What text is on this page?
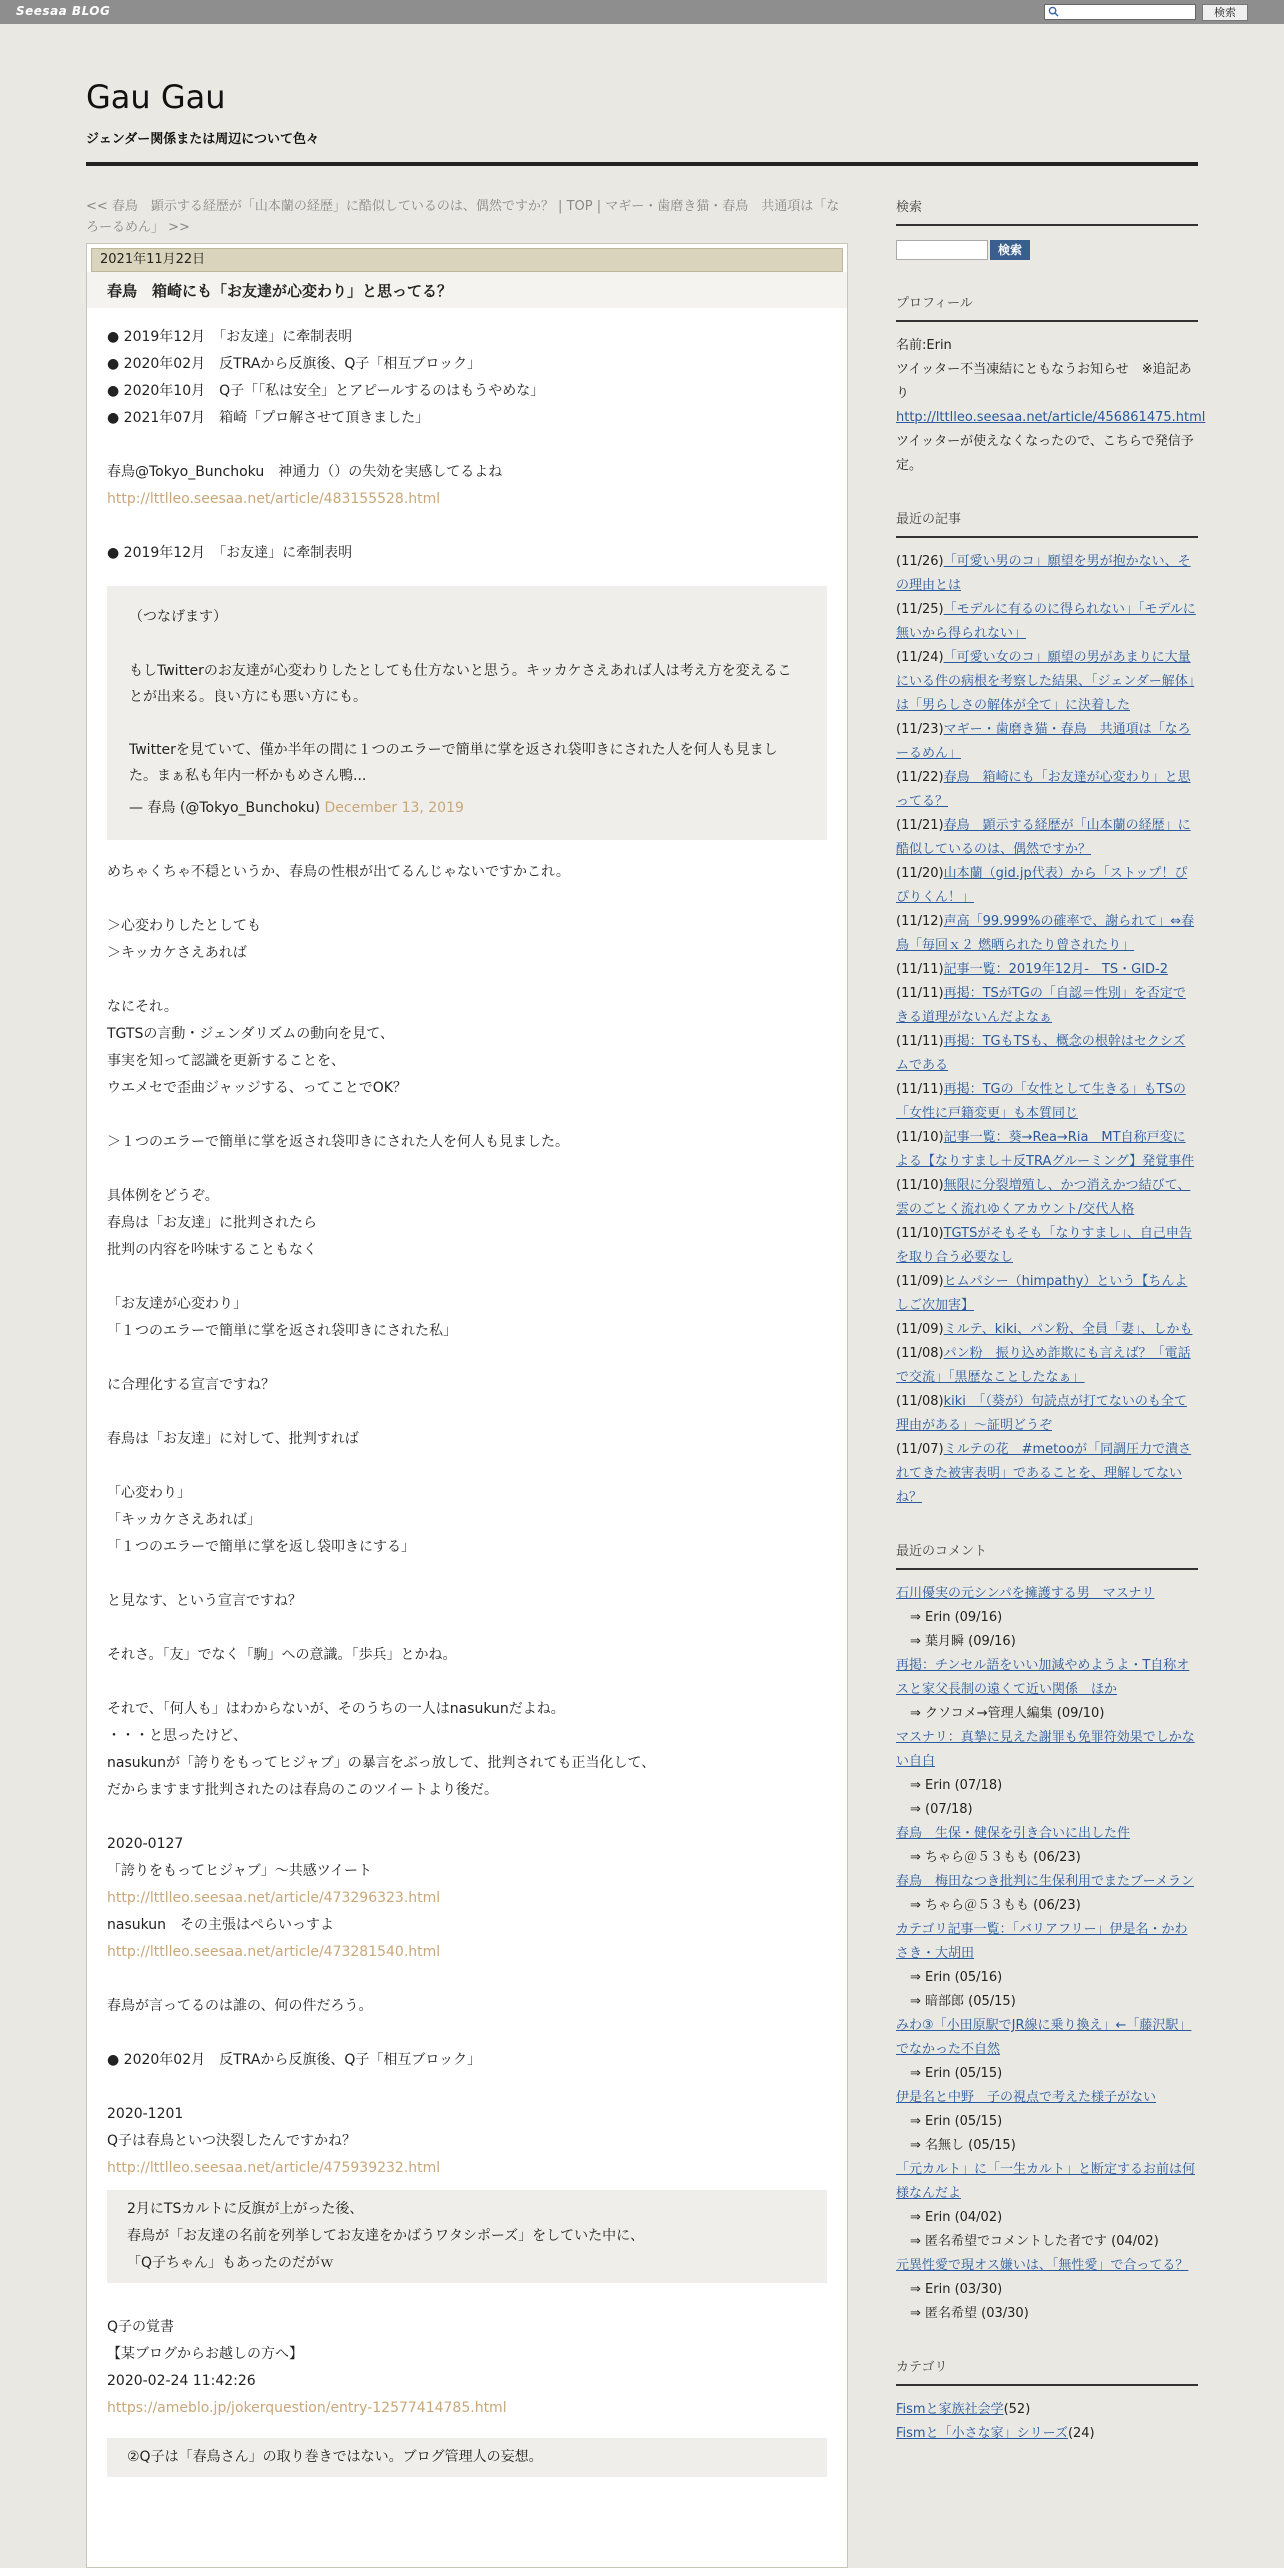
Seesaa BLOG	検索
Gau Gau
ジェンダー関係または周辺について色々
<< 春鳥　顕示する経歴が「山本蘭の経歴」に酷似しているのは、偶然ですか？ | TOP | マギー・歯磨き猫・春鳥　共通項は「なろーるめん」 >>
2021年11月22日
春鳥　箱崎にも「お友達が心変わり」と思ってる？

● 2019年12月　「お友達」に牽制表明

● 2020年02月　反TRAから反旗後、Q子「相互ブロック」

● 2020年10月　Q子「「私は安全」とアピールするのはもうやめな」

● 2021年07月　箱崎「プロ解させて頂きました」

春鳥@Tokyo_Bunchoku　神通力（）の失効を実感してるよね

http://lttlleo.seesaa.net/article/483155528.html

● 2019年12月　「お友達」に牽制表明

（つなげます）

もしTwitterのお友達が心変わりしたとしても仕方ないと思う。キッカケさえあれば人は考え方を変えることが出来る。良い方にも悪い方にも。

Twitterを見ていて、僅か半年の間に１つのエラーで簡単に掌を返され袋叩きにされた人を何人も見ました。まぁ私も年内一杯かもめさん鴨...

— 春鳥 (@Tokyo_Bunchoku) December 13, 2019

めちゃくちゃ不穏というか、春鳥の性根が出てるんじゃないですかこれ。

＞心変わりしたとしても

＞キッカケさえあれば

なにそれ。

TGTSの言動・ジェンダリズムの動向を見て、

事実を知って認識を更新することを、

ウエメセで歪曲ジャッジする、ってことでOK？

＞１つのエラーで簡単に掌を返され袋叩きにされた人を何人も見ました。

具体例をどうぞ。

春鳥は「お友達」に批判されたら

批判の内容を吟味することもなく

「お友達が心変わり」

「１つのエラーで簡単に掌を返され袋叩きにされた私」

に合理化する宣言ですね？

春鳥は「お友達」に対して、批判すれば

「心変わり」

「キッカケさえあれば」

「１つのエラーで簡単に掌を返し袋叩きにする」

と見なす、という宣言ですね？

それさ。「友」でなく「駒」への意識。「歩兵」とかね。

それで、「何人も」はわからないが、そのうちの一人はnasukunだよね。

・・・と思ったけど、

nasukunが「誇りをもってヒジャブ」の暴言をぶっ放して、批判されても正当化して、

だからますます批判されたのは春鳥のこのツイートより後だ。

2020-0127

「誇りをもってヒジャブ」～共感ツイート

http://lttlleo.seesaa.net/article/473296323.html

nasukun　その主張はぺらいっすよ

http://lttlleo.seesaa.net/article/473281540.html

春鳥が言ってるのは誰の、何の件だろう。

● 2020年02月　反TRAから反旗後、Q子「相互ブロック」

2020-1201

Q子は春鳥といつ決裂したんですかね？

http://lttlleo.seesaa.net/article/475939232.html

2月にTSカルトに反旗が上がった後、

春鳥が「お友達の名前を列挙してお友達をかばうワタシポーズ」をしていた中に、

「Q子ちゃん」もあったのだがｗ

Q子の覚書

【某ブログからお越しの方へ】

2020-02-24 11:42:26

https://ameblo.jp/jokerquestion/entry-12577414785.html

②Q子は「春鳥さん」の取り巻きではない。ブログ管理人の妄想。

検索
検索
プロフィール
名前:Erin
ツイッター不当凍結にともなうお知らせ　※追記あり
http://lttlleo.seesaa.net/article/456861475.html
ツイッターが使えなくなったので、こちらで発信予定。
最近の記事
(11/26)「可愛い男のコ」願望を男が抱かない、その理由とは
(11/25)「モデルに有るのに得られない」「モデルに無いから得られない」
(11/24)「可愛い女のコ」願望の男があまりに大量にいる件の病根を考察した結果、「ジェンダー解体」は「男らしさの解体が全て」に決着した
(11/23)マギー・歯磨き猫・春鳥　共通項は「なろーるめん」
(11/22)春鳥　箱崎にも「お友達が心変わり」と思ってる？
(11/21)春鳥　顕示する経歴が「山本蘭の経歴」に酷似しているのは、偶然ですか？
(11/20)山本蘭（gid.jp代表）から「ストップ！ぴぴりくん！」
(11/12)声高「99.999%の確率で、謝られて」⇔春鳥「毎回ｘ２ 燃晒られたり曾されたり」
(11/11)記事一覧：2019年12月-　TS・GID-2
(11/11)再掲：TSがTGの「自認＝性別」を否定できる道理がないんだよなぁ
(11/11)再掲：TGもTSも、概念の根幹はセクシズムである
(11/11)再掲：TGの「女性として生きる」もTSの「女性に戸籍変更」も本質同じ
(11/10)記事一覧：葵→Rea→Ria　MT自称戸変による【なりすまし＋反TRAグルーミング】発覚事件
(11/10)無限に分裂増殖し、かつ消えかつ結びて、雲のごとく流れゆくアカウント/交代人格
(11/10)TGTSがそもそも「なりすまし」、自己申告を取り合う必要なし
(11/09)ヒムパシー（himpathy）という【ちんよしご次加害】
(11/09)ミルテ、kiki、パン粉、全員「妻」、しかも
(11/08)パン粉　振り込め詐欺にも言えば？「電話で交流」「黒歴なことしたなぁ」
(11/08)kiki　「（葵が）句読点が打てないのも全て理由がある」～証明どうぞ
(11/07)ミルテの花　#metooが「同調圧力で潰されてきた被害表明」であることを、理解してないね？
最近のコメント
石川優実の元シンパを擁護する男　マスナリ
⇒ Erin (09/16)
⇒ 葉月瞬 (09/16)
再掲：チンセル語をいい加減やめようよ・T自称オスと家父長制の遠くて近い関係　ほか
⇒ クソコメ→管理人編集 (09/10)
マスナリ：真摯に見えた謝罪も免罪符効果でしかない自白
⇒ Erin (07/18)
⇒ (07/18)
春鳥　生保・健保を引き合いに出した件
⇒ ちゃら＠５３もも (06/23)
春鳥　梅田なつき批判に生保利用でまたブーメラン
⇒ ちゃら＠５３もも (06/23)
カテゴリ記事一覧：「バリアフリー」伊是名・かわさき・大胡田
⇒ Erin (05/16)
⇒ 暗部郎 (05/15)
みわ③「小田原駅でJR線に乗り換え」←「藤沢駅」でなかった不自然
⇒ Erin (05/15)
伊是名と中野　子の視点で考えた様子がない
⇒ Erin (05/15)
⇒ 名無し (05/15)
「元カルト」に「一生カルト」と断定するお前は何様なんだよ
⇒ Erin (04/02)
⇒ 匿名希望でコメントした者です (04/02)
元異性愛で現オス嫌いは、「無性愛」で合ってる？
⇒ Erin (03/30)
⇒ 匿名希望 (03/30)
カテゴリ
Fismと家族社会学(52)
Fismと「小さな家」シリーズ(24)
